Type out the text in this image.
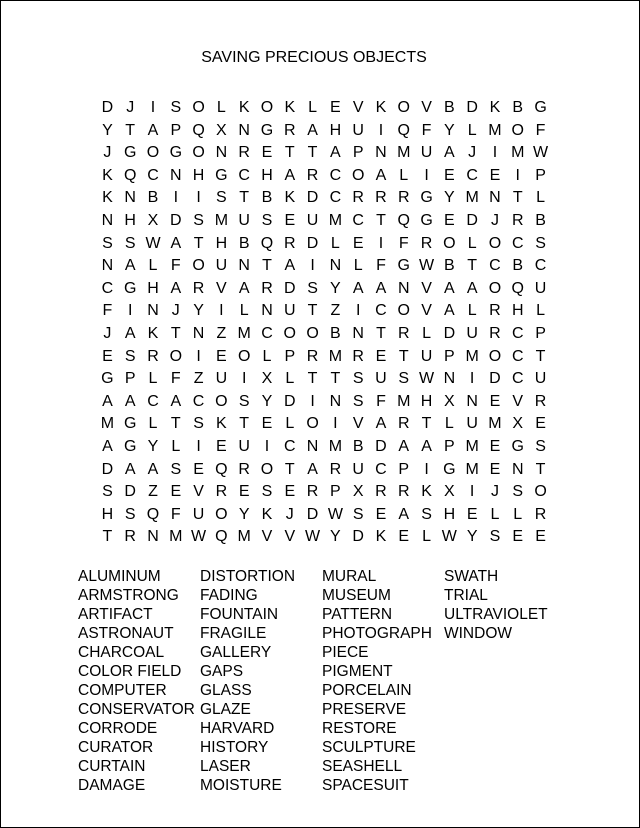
SAVING PRECIOUS OBJECTS
D J	I S O L K O K L E V K O V B D K B G
Y T A P Q X N G R A H U I Q F Y L M O F
J G O G O N R E T T A P N M U A J	I M W
K Q C N H G C H A R C O A L	I E C E I P
K N B I	I S T B K D C R R R G Y M N T L
N H X D S M U S E U M C T Q G E D J R B
S S W A T H B Q R D L E I F R O L O C S
N A L F O U N T A I N L F G W B T C B C
C G H A R V A R D S Y A A N V A A O Q U
F I N J Y I	L N U T Z I C O V A L R H L
J A K T N Z M C O O B N T R L D U R C P
E S R O I E O L P R M R E T U P M O C T
G P L F Z U I X L T T S U S W N I D C U
A A C A C O S Y D I N S F M H X N E V R
M G L T S K T E L O I V A R T L U M X E
A G Y L	I E U I C N M B D A A P M E G S
D A A S E Q R O T A R U C P I G M E N T
S D Z E V R E S E R P X R R K X I	J S O
H S Q F U O Y K J D W S E A S H E L L R
T R N M W Q M V V W Y D K E L W Y S E E
ALUMINUM
ARMSTRONG
ARTIFACT
ASTRONAUT
CHARCOAL
COLOR FIELD
COMPUTER
CONSERVATOR
CORRODE
CURATOR
CURTAIN
DAMAGE
DISTORTION
FADING
FOUNTAIN
FRAGILE
GALLERY
GAPS
GLASS
GLAZE
HARVARD
HISTORY
LASER
MOISTURE
MURAL
MUSEUM
PATTERN
PHOTOGRAPH
PIECE
PIGMENT
PORCELAIN
PRESERVE
RESTORE
SCULPTURE
SEASHELL
SPACESUIT
SWATH
TRIAL
ULTRAVIOLET
WINDOW
